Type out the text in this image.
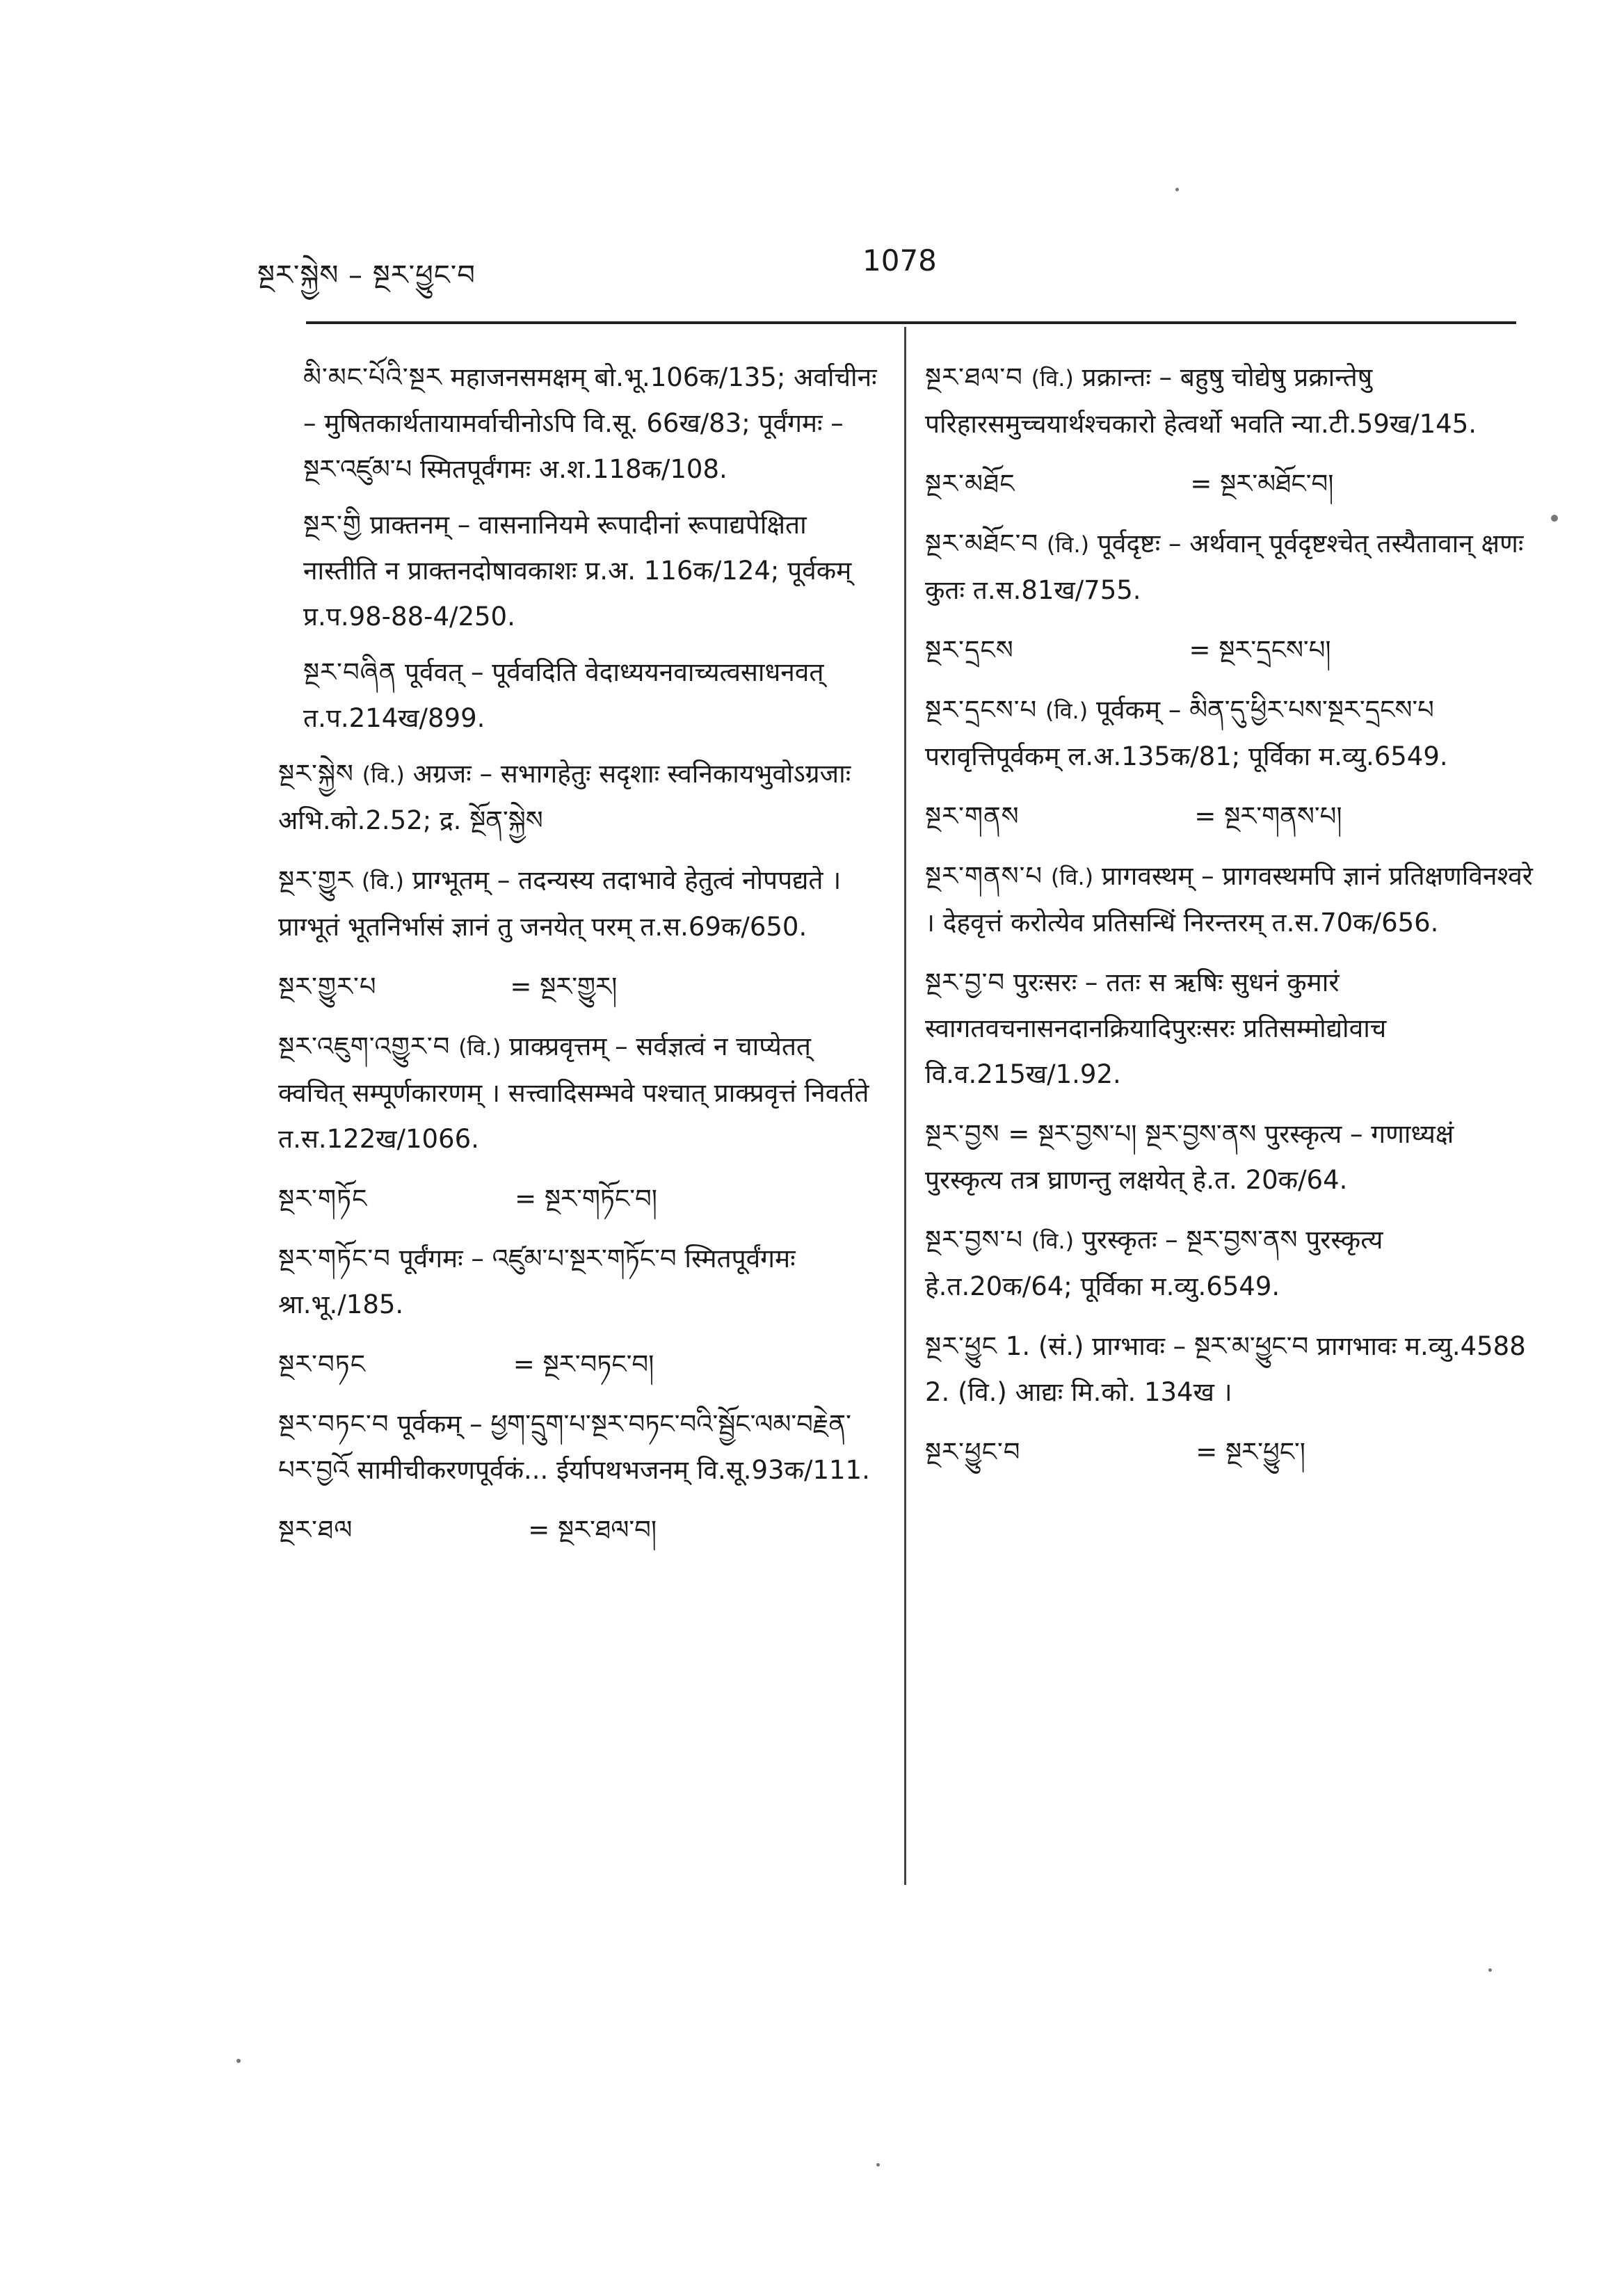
སྔར་སྐྱེས – སྔར་ཕྱུང་བ	1078
མི་མང་པོའི་སྔར महाजनसमक्षम् बो.भू.106क/135; अर्वाचीनः – मुषितकार्थतायामर्वाचीनोऽपि वि.सू. 66ख/83; पूर्वंगमः – སྔར་འཛུམ་པ स्मितपूर्वंगमः अ.श.118क/108.
སྔར་གྱི प्राक्तनम् – वासनानियमे रूपादीनां रूपाद्यपेक्षिता नास्तीति न प्राक्तनदोषावकाशः प्र.अ. 116क/124; पूर्वकम् प्र.प.98-88-4/250.
སྔར་བཞིན पूर्ववत् – पूर्ववदिति वेदाध्ययनवाच्यत्वसाधनवत् त.प.214ख/899.
སྔར་སྐྱེས (वि.) अग्रजः – सभागहेतुः सदृशाः स्वनिकायभुवोऽग्रजाः अभि.को.2.52; द्र. སྔོན་སྐྱེས
སྔར་གྱུར (वि.) प्राग्भूतम् – तदन्यस्य तदाभावे हेतुत्वं नोपपद्यते । प्राग्भूतं भूतनिर्भासं ज्ञानं तु जनयेत् परम् त.स.69क/650.
སྔར་གྱུར་པ	= སྔར་གྱུར།
སྔར་འཇུག་འགྱུར་བ (वि.) प्राक्प्रवृत्तम् – सर्वज्ञत्वं न चाप्येतत् क्वचित् सम्पूर्णकारणम् । सत्त्वादिसम्भवे पश्चात् प्राक्प्रवृत्तं निवर्तते त.स.122ख/1066.
སྔར་གཏོང	= སྔར་གཏོང་བ།
སྔར་གཏོང་བ पूर्वंगमः – འཛུམ་པ་སྔར་གཏོང་བ स्मितपूर्वंगमः श्रा.भू./185.
སྔར་བཏང	= སྔར་བཏང་བ།
སྔར་བཏང་བ पूर्वकम् – ཕྱག་དྲུག་པ་སྔར་བཏང་བའི་སྦྱོང་ལམ་བརྗེན་པར་བྱའོ सामीचीकरणपूर्वकं... ईर्यापथभजनम् वि.सू.93क/111.
སྔར་ཐལ	= སྔར་ཐལ་བ།
སྔར་ཐལ་བ (वि.) प्रक्रान्तः – बहुषु चोद्येषु प्रक्रान्तेषु परिहारसमुच्चयार्थश्चकारो हेत्वर्थो भवति न्या.टी.59ख/145.
སྔར་མཐོང	= སྔར་མཐོང་བ།
སྔར་མཐོང་བ (वि.) पूर्वदृष्टः – अर्थवान् पूर्वदृष्टश्चेत् तस्यैतावान् क्षणः कुतः त.स.81ख/755.
སྔར་དྲངས	= སྔར་དྲངས་པ།
སྔར་དྲངས་པ (वि.) पूर्वकम् – མིན་དུ་ཕྱིར་པས་སྔར་དྲངས་པ परावृत्तिपूर्वकम् ल.अ.135क/81; पूर्विका म.व्यु.6549.
སྔར་གནས	= སྔར་གནས་པ།
སྔར་གནས་པ (वि.) प्रागवस्थम् – प्रागवस्थमपि ज्ञानं प्रतिक्षणविनश्वरे । देहवृत्तं करोत्येव प्रतिसन्धिं निरन्तरम् त.स.70क/656.
སྔར་བྱ་བ पुरःसरः – ततः स ऋषिः सुधनं कुमारं स्वागतवचनासनदानक्रियादिपुरःसरः प्रतिसम्मोद्योवाच वि.व.215ख/1.92.
སྔར་བྱས = སྔར་བྱས་པ། སྔར་བྱས་ནས पुरस्कृत्य – गणाध्यक्षं पुरस्कृत्य तत्र घ्राणन्तु लक्षयेत् हे.त. 20क/64.
སྔར་བྱས་པ (वि.) पुरस्कृतः – སྔར་བྱས་ནས पुरस्कृत्य हे.त.20क/64; पूर्विका म.व्यु.6549.
སྔར་ཕྱུང 1. (सं.) प्राग्भावः – སྔར་མ་ཕྱུང་བ प्रागभावः म.व्यु.4588 2. (वि.) आद्यः मि.को. 134ख ।
སྔར་ཕྱུང་བ	= སྔར་ཕྱུང་།
